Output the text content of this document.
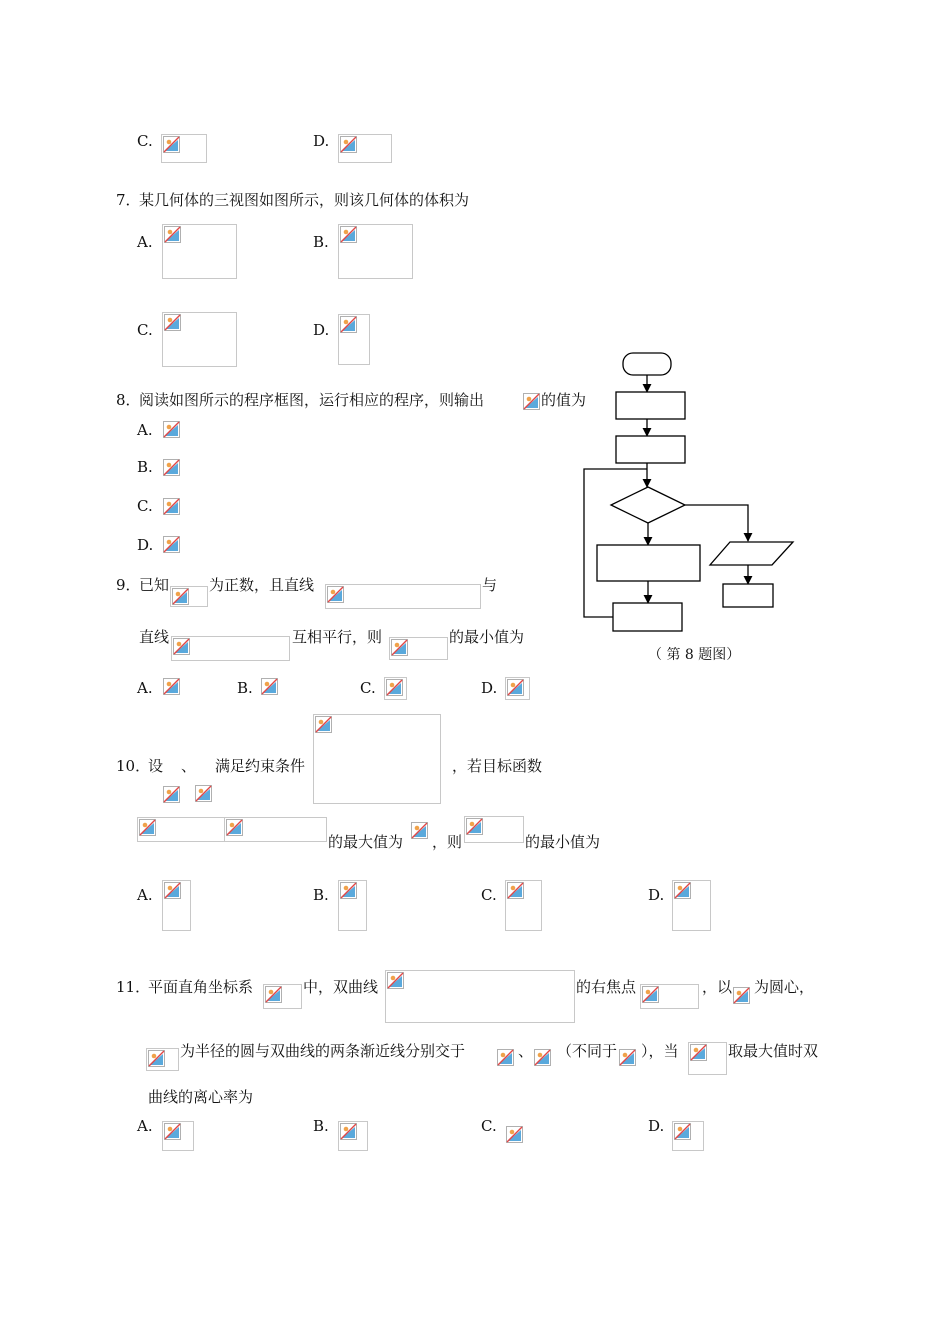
C.	D.
7．
某几何体的三视图如图所示，则该几何体的体积为
A.	B.
C.	D.
8．
阅读如图所示的程序框图，运行相应的程序，则输出	的值为
A.
B.
C.
D.
（ 第 8 题图）
9．
已知	为正数，且直线	与
直线	互相平行，则	的最小值为
A.	B.	C.	D.
10．
设 、 满足约束条件	，若目标函数
的最大值为 ，则	的最小值为
A.	B.	C.	D.
11．
平面直角坐标系	中，双曲线	的右焦点	，以 为圆心，
为半径的圆与双曲线的两条渐近线分别交于	、 （不同于 ），当	取最大值时双
曲线的离心率为
A.	B.	C.	D.
